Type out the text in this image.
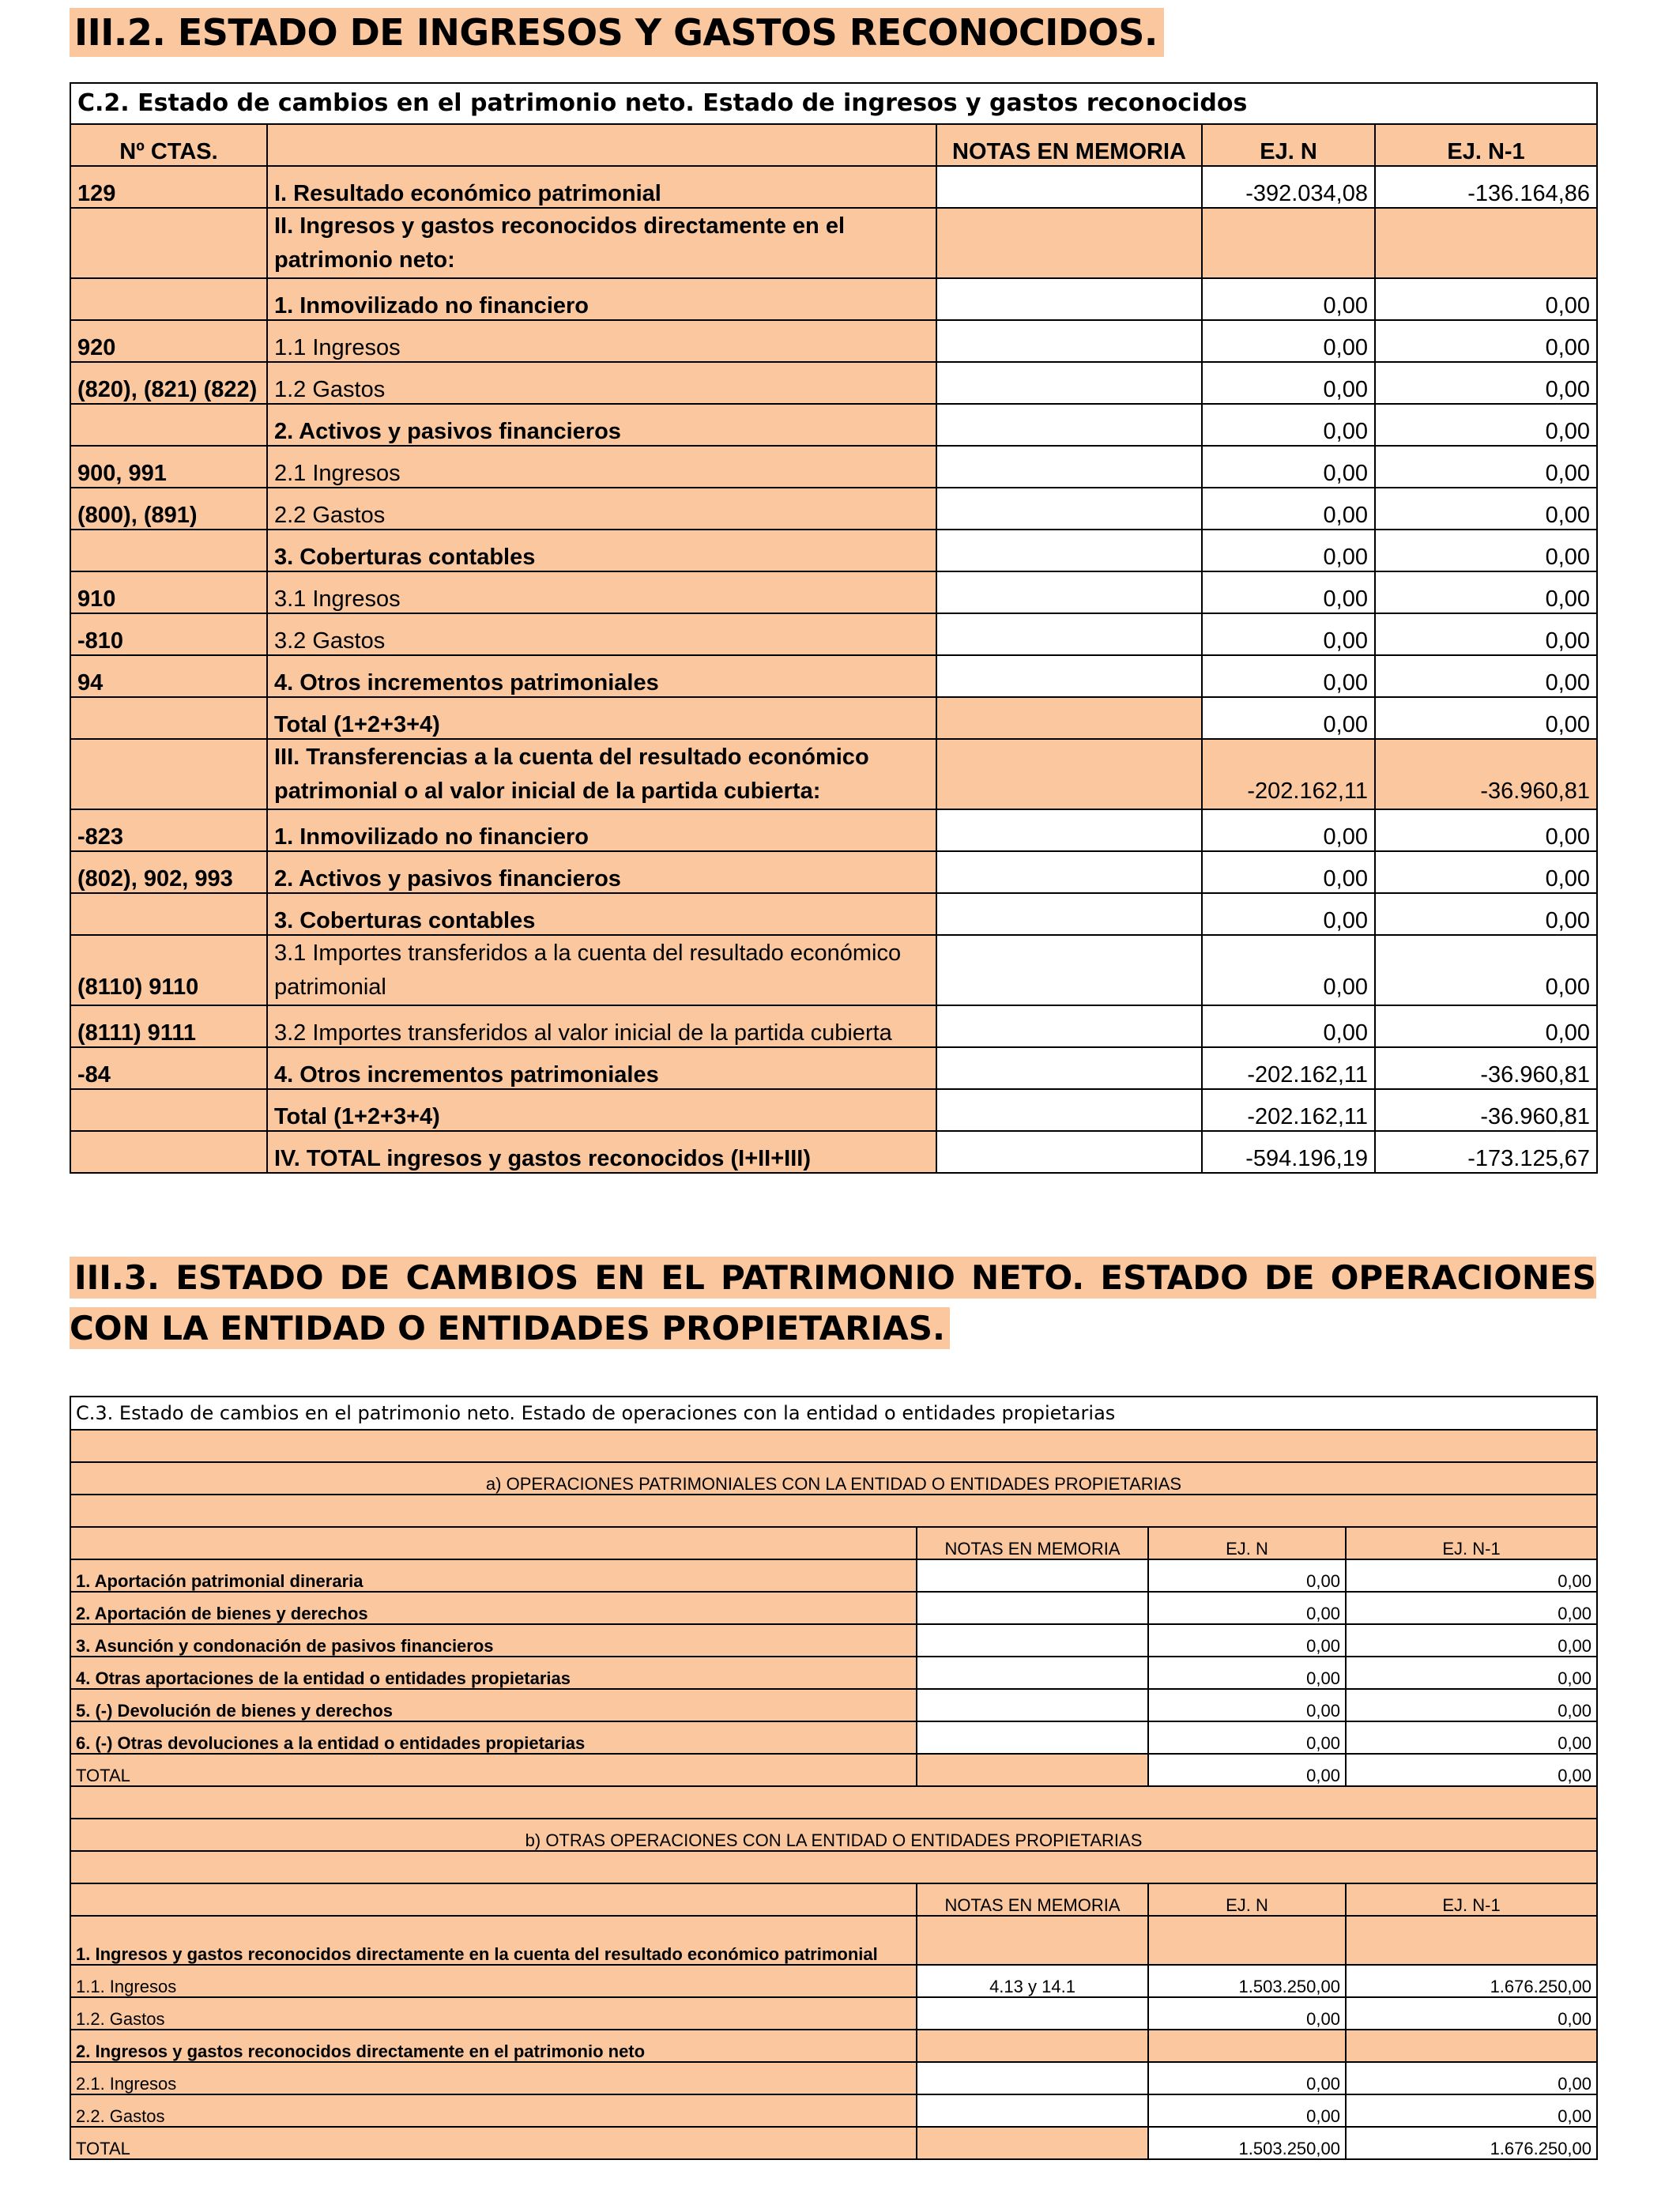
III.2. ESTADO DE INGRESOS Y GASTOS RECONOCIDOS.
C.2. Estado de cambios en el patrimonio neto. Estado de ingresos y gastos reconocidos				
Nº CTAS.		NOTAS EN MEMORIA	EJ. N	EJ. N-1
129	I. Resultado económico patrimonial		-392.034,08	-136.164,86
	II. Ingresos y gastos reconocidos directamente en el patrimonio neto:			
	1. Inmovilizado no financiero		0,00	0,00
920	1.1 Ingresos		0,00	0,00
(820), (821) (822)	1.2 Gastos		0,00	0,00
	2. Activos y pasivos financieros		0,00	0,00
900, 991	2.1 Ingresos		0,00	0,00
(800), (891)	2.2 Gastos		0,00	0,00
	3. Coberturas contables		0,00	0,00
910	3.1 Ingresos		0,00	0,00
-810	3.2 Gastos		0,00	0,00
94	4. Otros incrementos patrimoniales		0,00	0,00
	Total (1+2+3+4)		0,00	0,00
	III. Transferencias a la cuenta del resultado económico patrimonial o al valor inicial de la partida cubierta:		-202.162,11	-36.960,81
-823	1. Inmovilizado no financiero		0,00	0,00
(802), 902, 993	2. Activos y pasivos financieros		0,00	0,00
	3. Coberturas contables		0,00	0,00
(8110) 9110	3.1 Importes transferidos a la cuenta del resultado económico patrimonial		0,00	0,00
(8111) 9111	3.2 Importes transferidos al valor inicial de la partida cubierta		0,00	0,00
-84	4. Otros incrementos patrimoniales		-202.162,11	-36.960,81
	Total (1+2+3+4)		-202.162,11	-36.960,81
	IV. TOTAL ingresos y gastos reconocidos (I+II+III)		-594.196,19	-173.125,67
III.3. ESTADO DE CAMBIOS EN EL PATRIMONIO NETO. ESTADO DE OPERACIONES CON LA ENTIDAD O ENTIDADES PROPIETARIAS.
C.3. Estado de cambios en el patrimonio neto. Estado de operaciones con la entidad o entidades propietarias			

a) OPERACIONES PATRIMONIALES CON LA ENTIDAD O ENTIDADES PROPIETARIAS			

	NOTAS EN MEMORIA	EJ. N	EJ. N-1
1. Aportación patrimonial dineraria		0,00	0,00
2. Aportación de bienes y derechos		0,00	0,00
3. Asunción y condonación de pasivos financieros		0,00	0,00
4. Otras aportaciones de la entidad o entidades propietarias		0,00	0,00
5. (-) Devolución de bienes y derechos		0,00	0,00
6. (-) Otras devoluciones a la entidad o entidades propietarias		0,00	0,00
TOTAL		0,00	0,00

b) OTRAS OPERACIONES CON LA ENTIDAD O ENTIDADES PROPIETARIAS			

	NOTAS EN MEMORIA	EJ. N	EJ. N-1
1. Ingresos y gastos reconocidos directamente en la cuenta del resultado económico patrimonial			
1.1. Ingresos	4.13 y 14.1	1.503.250,00	1.676.250,00
1.2. Gastos		0,00	0,00
2. Ingresos y gastos reconocidos directamente en el patrimonio neto			
2.1. Ingresos		0,00	0,00
2.2. Gastos		0,00	0,00
TOTAL		1.503.250,00	1.676.250,00
